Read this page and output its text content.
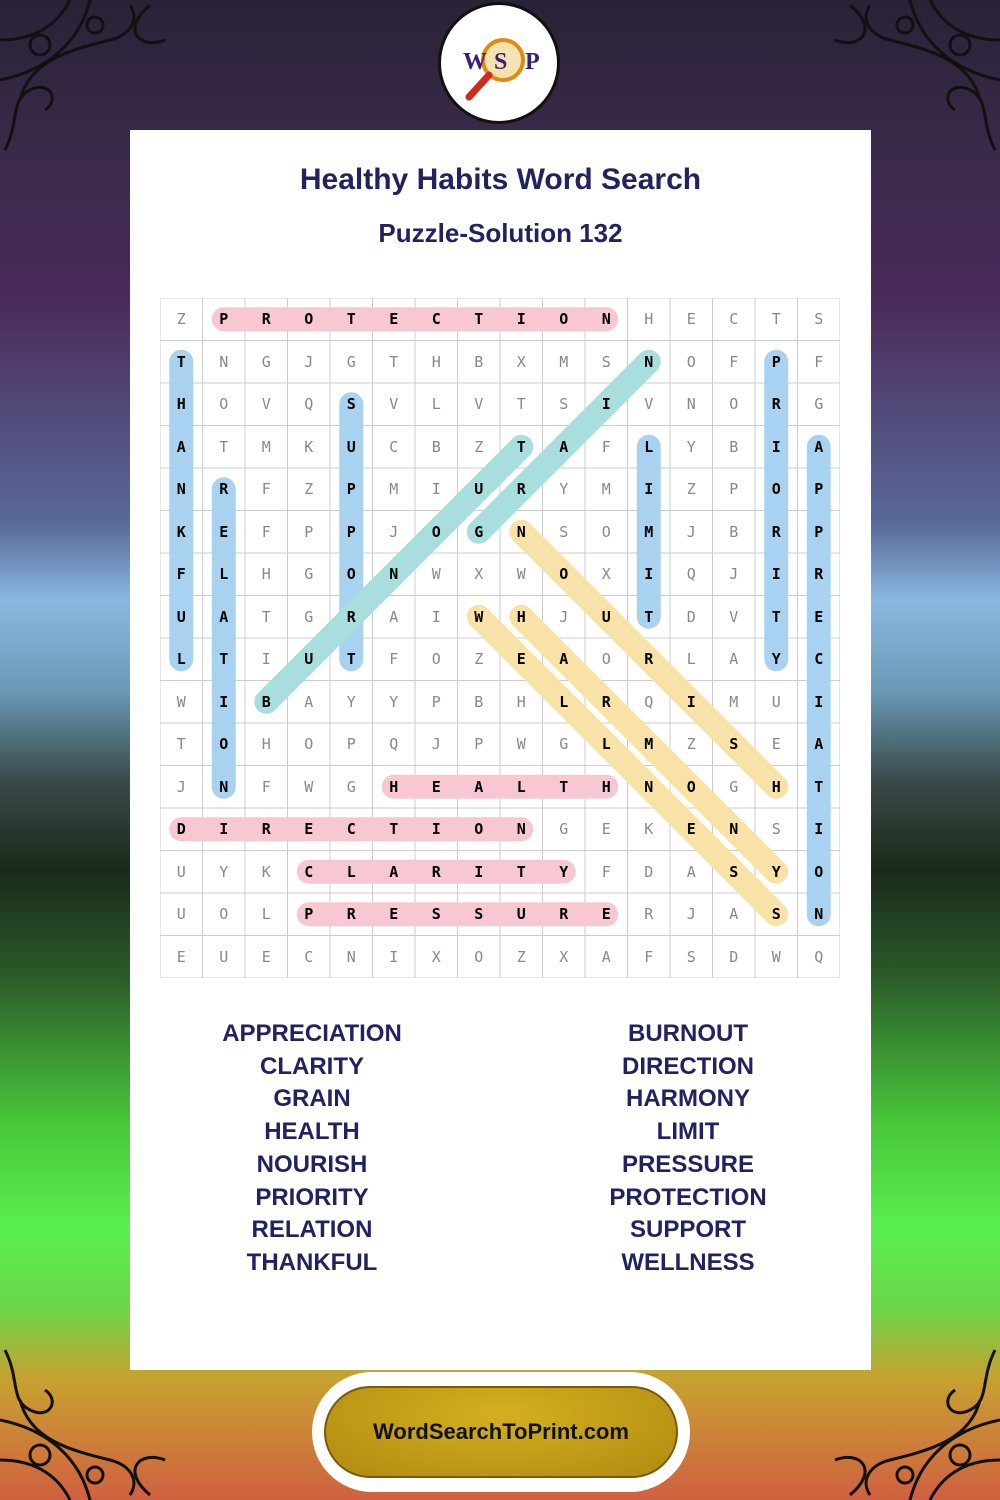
W S P
Healthy Habits Word Search
Puzzle-Solution 132
Z	P	R	O	T	E	C	T	I	O	N	H	E	C	T	S
T	N	G	J	G	T	H	B	X	M	S	N	O	F	P	F
H	O	V	Q	S	V	L	V	T	S	I	V	N	O	R	G
A	T	M	K	U	C	B	Z	T	A	F	L	Y	B	I	A
N	R	F	Z	P	M	I	U	R	Y	M	I	Z	P	O	P
K	E	F	P	P	J	O	G	N	S	O	M	J	B	R	P
F	L	H	G	O	N	W	X	W	O	X	I	Q	J	I	R
U	A	T	G	R	A	I	W	H	J	U	T	D	V	T	E
L	T	I	U	T	F	O	Z	E	A	O	R	L	A	Y	C
W	I	B	A	Y	Y	P	B	H	L	R	Q	I	M	U	I
T	O	H	O	P	Q	J	P	W	G	L	M	Z	S	E	A
J	N	F	W	G	H	E	A	L	T	H	N	O	G	H	T
D	I	R	E	C	T	I	O	N	G	E	K	E	N	S	I
U	Y	K	C	L	A	R	I	T	Y	F	D	A	S	Y	O
U	O	L	P	R	E	S	S	U	R	E	R	J	A	S	N
E	U	E	C	N	I	X	O	Z	X	A	F	S	D	W	Q
APPRECIATION
CLARITY
GRAIN
HEALTH
NOURISH
PRIORITY
RELATION
THANKFUL
BURNOUT
DIRECTION
HARMONY
LIMIT
PRESSURE
PROTECTION
SUPPORT
WELLNESS
WordSearchToPrint.com
